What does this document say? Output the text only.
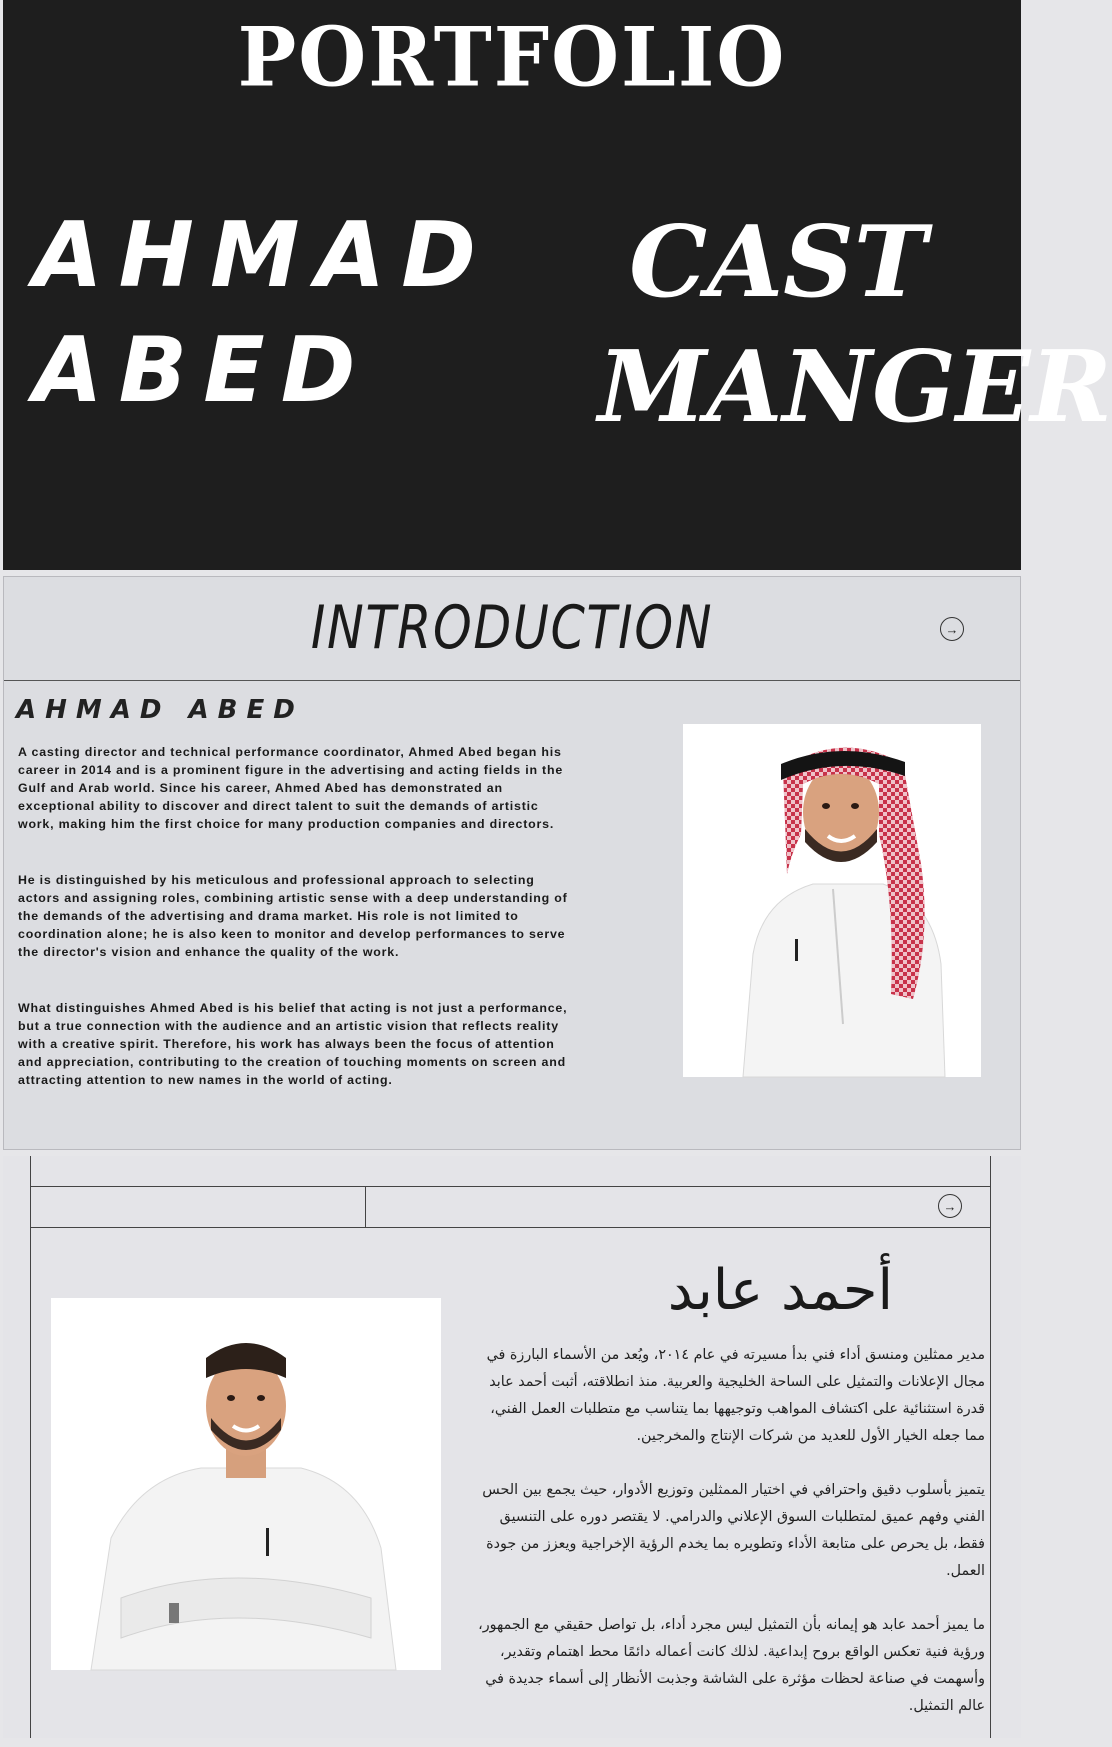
PORTFOLIO
AHMAD
ABED
CAST
MANGER
INTRODUCTION	→
AHMAD ABED

A casting director and technical performance coordinator, Ahmed Abed began his career in 2014 and is a prominent figure in the advertising and acting fields in the Gulf and Arab world. Since his career, Ahmed Abed has demonstrated an exceptional ability to discover and direct talent to suit the demands of artistic work, making him the first choice for many production companies and directors.

He is distinguished by his meticulous and professional approach to selecting actors and assigning roles, combining artistic sense with a deep understanding of the demands of the advertising and drama market. His role is not limited to coordination alone; he is also keen to monitor and develop performances to serve the director's vision and enhance the quality of the work.

What distinguishes Ahmed Abed is his belief that acting is not just a performance, but a true connection with the audience and an artistic vision that reflects reality with a creative spirit. Therefore, his work has always been the focus of attention and appreciation, contributing to the creation of touching moments on screen and attracting attention to new names in the world of acting.

→
أحمد عابد

مدير ممثلين ومنسق أداء فني بدأ مسيرته في عام ٢٠١٤، ويُعد من الأسماء البارزة في مجال الإعلانات والتمثيل على الساحة الخليجية والعربية. منذ انطلاقته، أثبت أحمد عابد قدرة استثنائية على اكتشاف المواهب وتوجيهها بما يتناسب مع متطلبات العمل الفني، مما جعله الخيار الأول للعديد من شركات الإنتاج والمخرجين.

يتميز بأسلوب دقيق واحترافي في اختيار الممثلين وتوزيع الأدوار، حيث يجمع بين الحس الفني وفهم عميق لمتطلبات السوق الإعلاني والدرامي. لا يقتصر دوره على التنسيق فقط، بل يحرص على متابعة الأداء وتطويره بما يخدم الرؤية الإخراجية ويعزز من جودة العمل.

ما يميز أحمد عابد هو إيمانه بأن التمثيل ليس مجرد أداء، بل تواصل حقيقي مع الجمهور، ورؤية فنية تعكس الواقع بروح إبداعية. لذلك كانت أعماله دائمًا محط اهتمام وتقدير، وأسهمت في صناعة لحظات مؤثرة على الشاشة وجذبت الأنظار إلى أسماء جديدة في عالم التمثيل.
